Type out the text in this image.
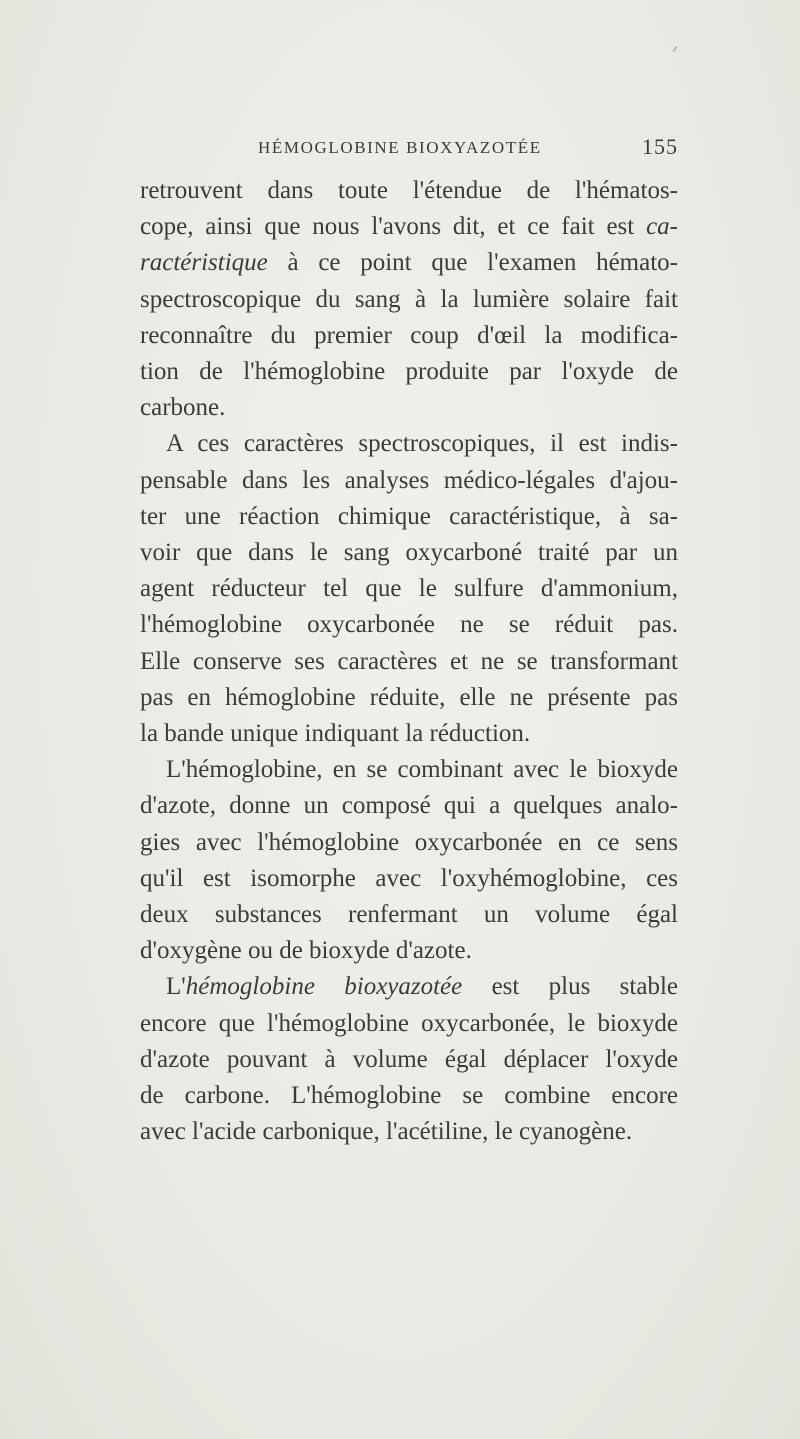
HÉMOGLOBINE BIOXYAZOTÉE	155

retrouvent dans toute l'étendue de l'hématos-
cope, ainsi que nous l'avons dit, et ce fait est ca-
ractéristique à ce point que l'examen hémato-
spectroscopique du sang à la lumière solaire fait
reconnaître du premier coup d'œil la modifica-
tion de l'hémoglobine produite par l'oxyde de
carbone.

A ces caractères spectroscopiques, il est indis-
pensable dans les analyses médico-légales d'ajou-
ter une réaction chimique caractéristique, à sa-
voir que dans le sang oxycarboné traité par un
agent réducteur tel que le sulfure d'ammonium,
l'hémoglobine oxycarbonée ne se réduit pas.
Elle conserve ses caractères et ne se transformant
pas en hémoglobine réduite, elle ne présente pas
la bande unique indiquant la réduction.

L'hémoglobine, en se combinant avec le bioxyde
d'azote, donne un composé qui a quelques analo-
gies avec l'hémoglobine oxycarbonée en ce sens
qu'il est isomorphe avec l'oxyhémoglobine, ces
deux substances renfermant un volume égal
d'oxygène ou de bioxyde d'azote.

L'hémoglobine bioxyazotée est plus stable
encore que l'hémoglobine oxycarbonée, le bioxyde
d'azote pouvant à volume égal déplacer l'oxyde
de carbone. L'hémoglobine se combine encore
avec l'acide carbonique, l'acétiline, le cyanogène.
